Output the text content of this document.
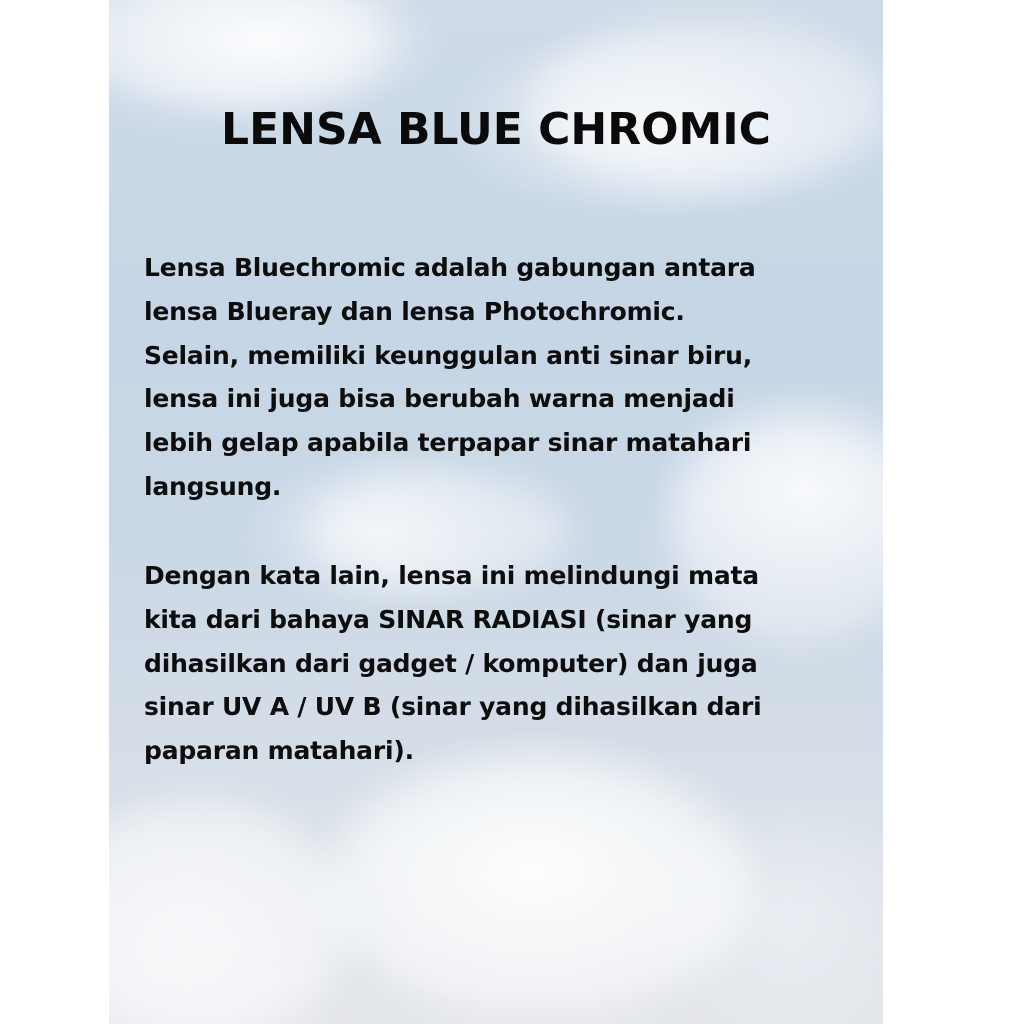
LENSA BLUE CHROMIC

Lensa Bluechromic adalah gabungan antara
lensa Blueray dan lensa Photochromic.
Selain, memiliki keunggulan anti sinar biru,
lensa ini juga bisa berubah warna menjadi
lebih gelap apabila terpapar sinar matahari
langsung.

Dengan kata lain, lensa ini melindungi mata
kita dari bahaya SINAR RADIASI (sinar yang
dihasilkan dari gadget / komputer) dan juga
sinar UV A / UV B (sinar yang dihasilkan dari
paparan matahari).
